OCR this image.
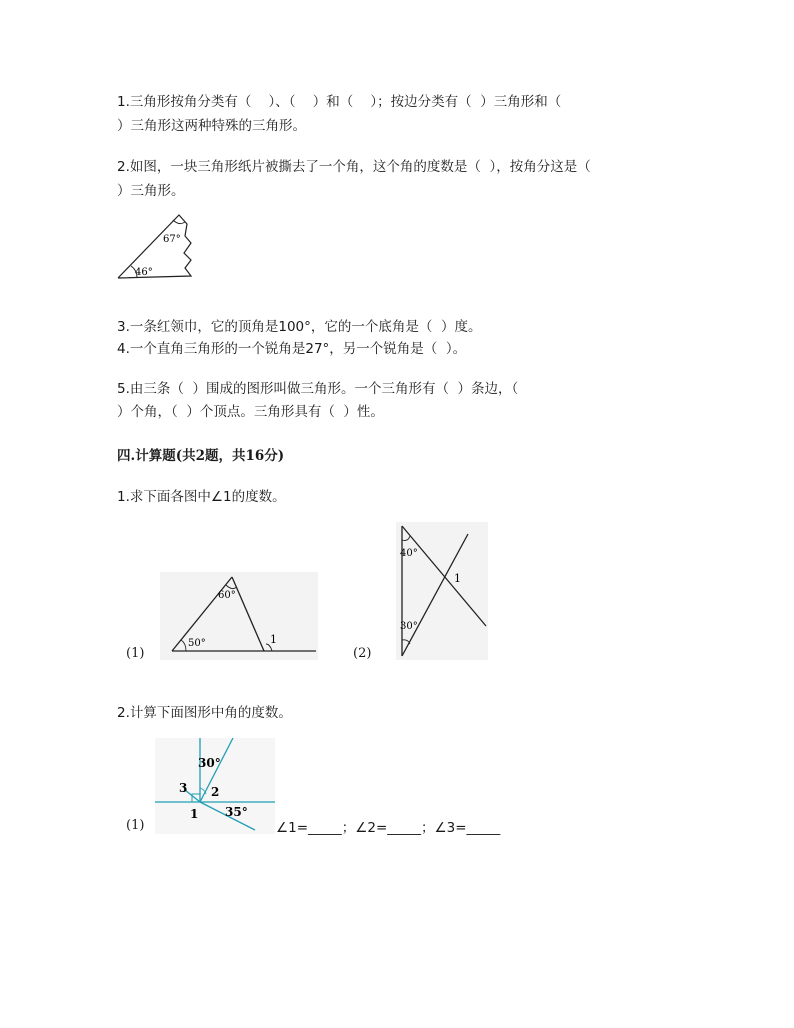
1.三角形按角分类有（    ）、（    ）和（    ）；按边分类有（  ）三角形和（
）三角形这两种特殊的三角形。
2.如图，一块三角形纸片被撕去了一个角，这个角的度数是（  ），按角分这是（
）三角形。
67°
46°
3.一条红领巾，它的顶角是100°，它的一个底角是（  ）度。
4.一个直角三角形的一个锐角是27°，另一个锐角是（  ）。
5.由三条（  ）围成的图形叫做三角形。一个三角形有（  ）条边，（
）个角，（  ）个顶点。三角形具有（  ）性。
四.计算题(共2题，共16分)
1.求下面各图中∠1的度数。
(1)
60°
50°	1
(2)
40°
30°
1
2.计算下面图形中角的度数。
(1)
30°
35°
3 2
1
∠1=_____；∠2=_____；∠3=_____
